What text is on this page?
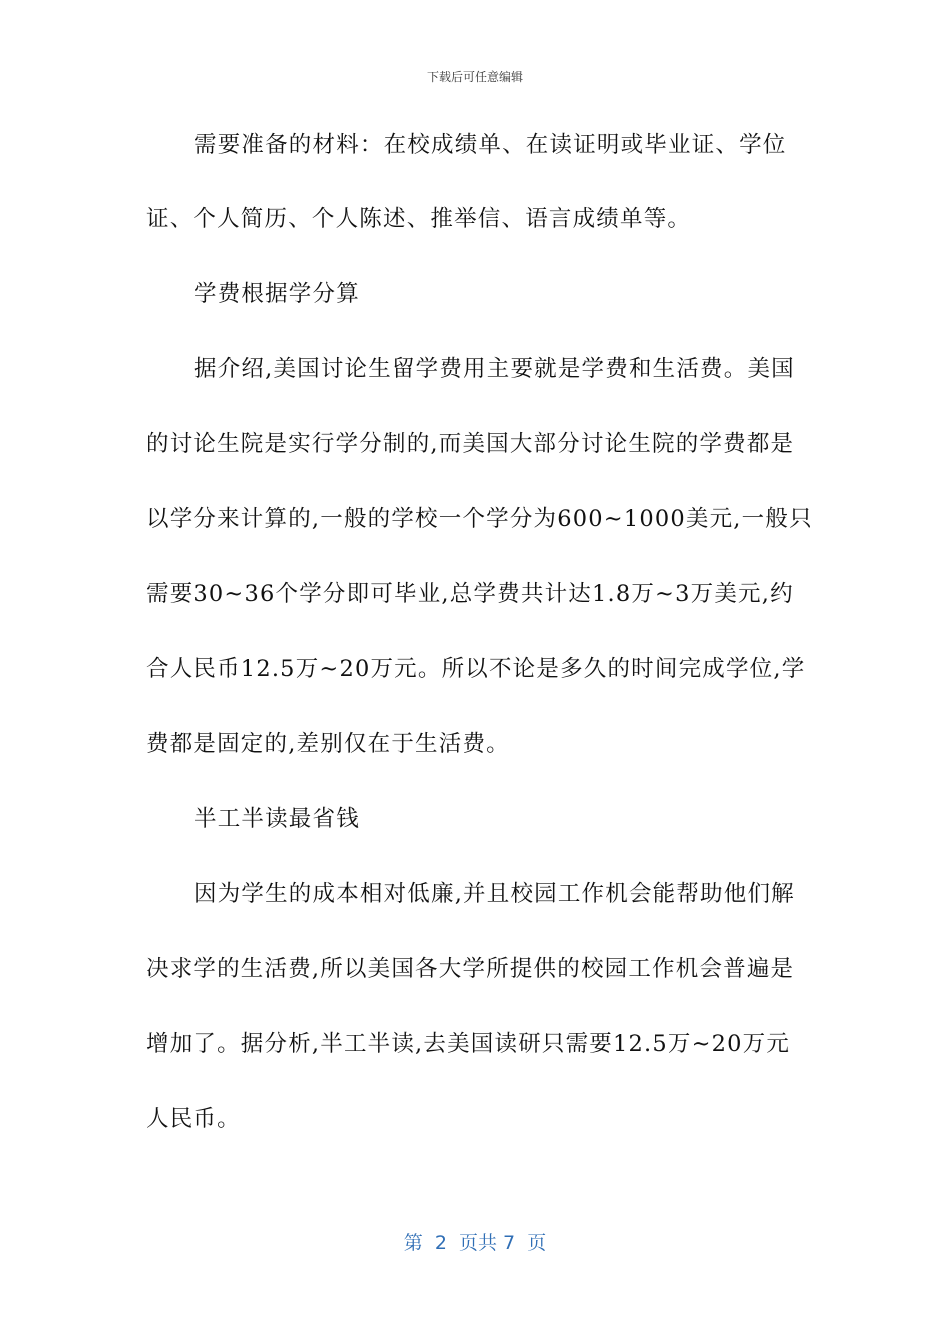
下载后可任意编辑
需要准备的材料：在校成绩单、在读证明或毕业证、学位
证、个人简历、个人陈述、推举信、语言成绩单等。
学费根据学分算
据介绍,美国讨论生留学费用主要就是学费和生活费。美国
的讨论生院是实行学分制的,而美国大部分讨论生院的学费都是
以学分来计算的,一般的学校一个学分为600~1000美元,一般只
需要30~36个学分即可毕业,总学费共计达1.8万~3万美元,约
合人民币12.5万~20万元。所以不论是多久的时间完成学位,学
费都是固定的,差别仅在于生活费。
半工半读最省钱
因为学生的成本相对低廉,并且校园工作机会能帮助他们解
决求学的生活费,所以美国各大学所提供的校园工作机会普遍是
增加了。据分析,半工半读,去美国读研只需要12.5万~20万元
人民币。
第  2  页共 7  页
